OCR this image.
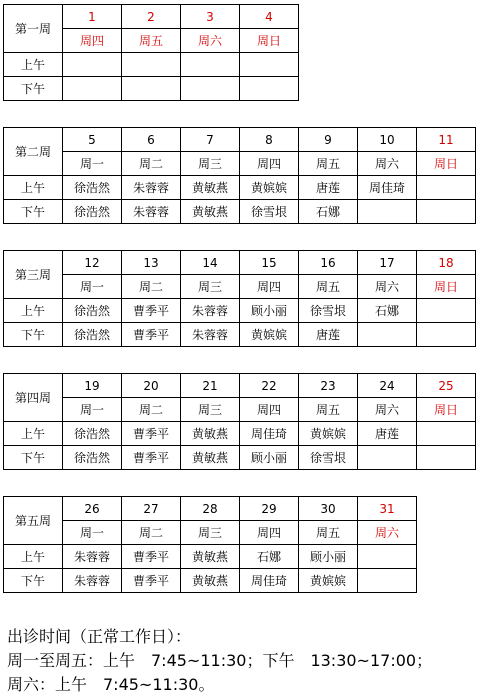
第一周	1	2	3	4
	周四	周五	周六	周日
上午				
下午				
第二周	5	6	7	8	9	10	11
	周一	周二	周三	周四	周五	周六	周日
上午	徐浩然	朱蓉蓉	黄敏燕	黄嫔嫔	唐莲	周佳琦	
下午	徐浩然	朱蓉蓉	黄敏燕	徐雪垠	石娜		
第三周	12	13	14	15	16	17	18
	周一	周二	周三	周四	周五	周六	周日
上午	徐浩然	曹季平	朱蓉蓉	顾小丽	徐雪垠	石娜	
下午	徐浩然	曹季平	朱蓉蓉	黄嫔嫔	唐莲		
第四周	19	20	21	22	23	24	25
	周一	周二	周三	周四	周五	周六	周日
上午	徐浩然	曹季平	黄敏燕	周佳琦	黄嫔嫔	唐莲	
下午	徐浩然	曹季平	黄敏燕	顾小丽	徐雪垠		
第五周	26	27	28	29	30	31
	周一	周二	周三	周四	周五	周六
上午	朱蓉蓉	曹季平	黄敏燕	石娜	顾小丽	
下午	朱蓉蓉	曹季平	黄敏燕	周佳琦	黄嫔嫔	
出诊时间（正常工作日）：
周一至周五：上午　7:45~11:30；下午　13:30~17:00；
周六：上午　7:45~11:30。
